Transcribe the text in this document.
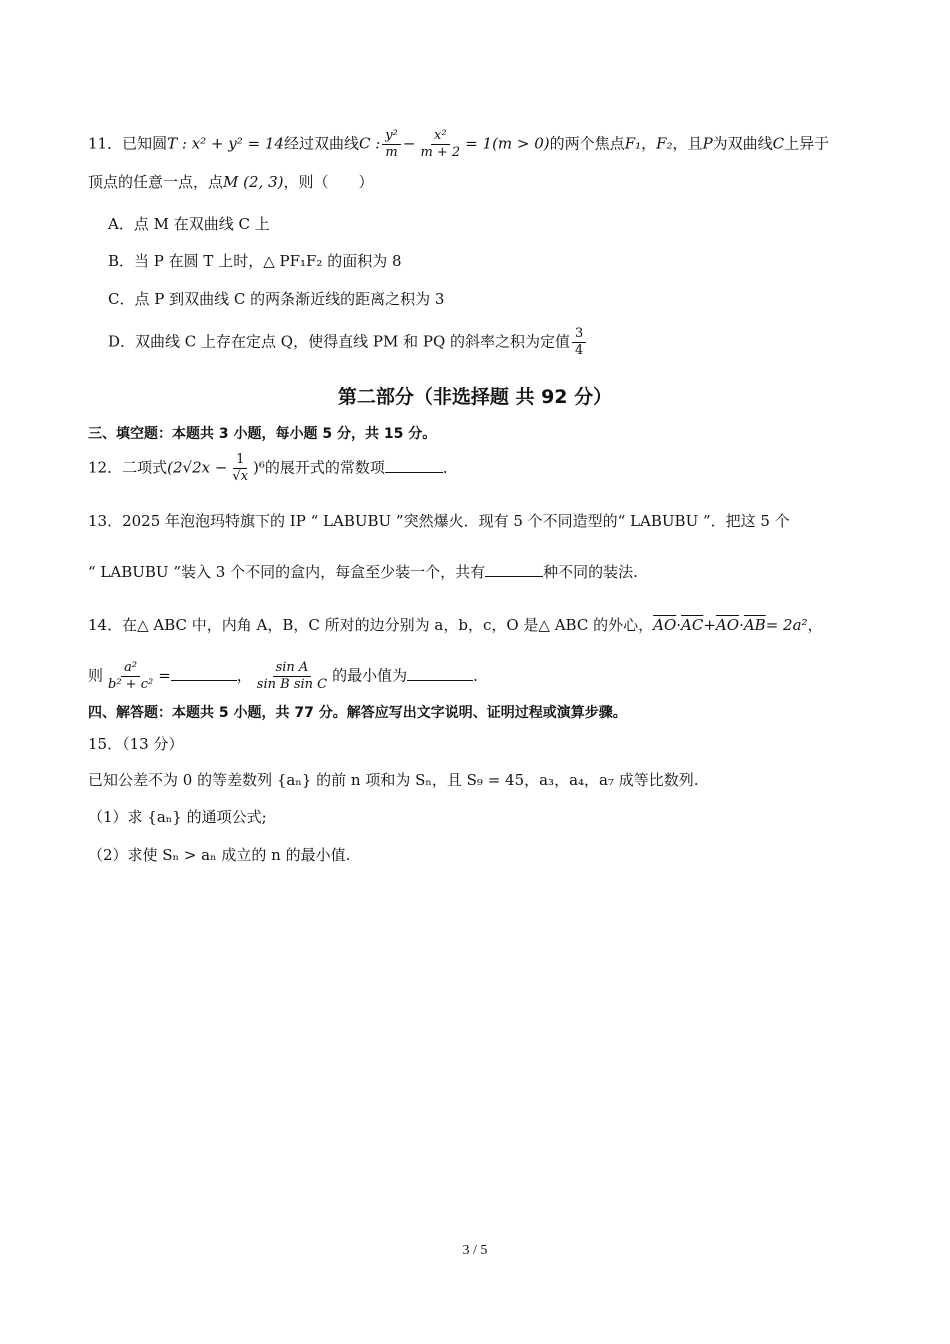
11．已知圆T : x² + y² = 14经过双曲线C : $\frac{\text{y²}}{m} - \frac{\text{x²}}{m + 2} = 1(m > 0)$的两个焦点F₁，F₂，且P为双曲线C上异于
顶点的任意一点，点M (2, 3)，则（　　）
A．点 M 在双曲线 C 上
B．当 P 在圆 T 上时，△ PF₁F₂ 的面积为 8
C．点 P 到双曲线 C 的两条渐近线的距离之积为 3
D．双曲线 C 上存在定点 Q，使得直线 PM 和 PQ 的斜率之积为定值 $\frac{3}{4}$
第二部分（非选择题 共 92 分）
三、填空题：本题共 3 小题，每小题 5 分，共 15 分。
12．二项式$(2√2x - \frac{1}{√x} )^6$的展开式的常数项	．
13．2025 年泡泡玛特旗下的 IP “ LABUBU ”突然爆火．现有 5 个不同造型的“ LABUBU ”．把这 5 个
“ LABUBU ”装入 3 个不同的盒内，每盒至少装一个，共有	种不同的装法.
14．在△ ABC 中，内角 A，B，C 所对的边分别为 a，b，c，O 是△ ABC 的外心，$\overline{AO}\cdot\overline{AC}+\overline{AO}\cdot\overline{AB}= 2a^2$，
则 $\frac{\text{a²}}{\text{b² + c²}}$ =	， $\frac{\text{sin A}}{\text{sin B sin C}}$ 的最小值为	．
四、解答题：本题共 5 小题，共 77 分。解答应写出文字说明、证明过程或演算步骤。
15．（13 分）
已知公差不为 0 的等差数列 {aₙ} 的前 n 项和为 Sₙ，且 S₉ = 45，a₃，a₄，a₇ 成等比数列.
（1）求 {aₙ} 的通项公式;
（2）求使 Sₙ > aₙ 成立的 n 的最小值.
3 / 5
